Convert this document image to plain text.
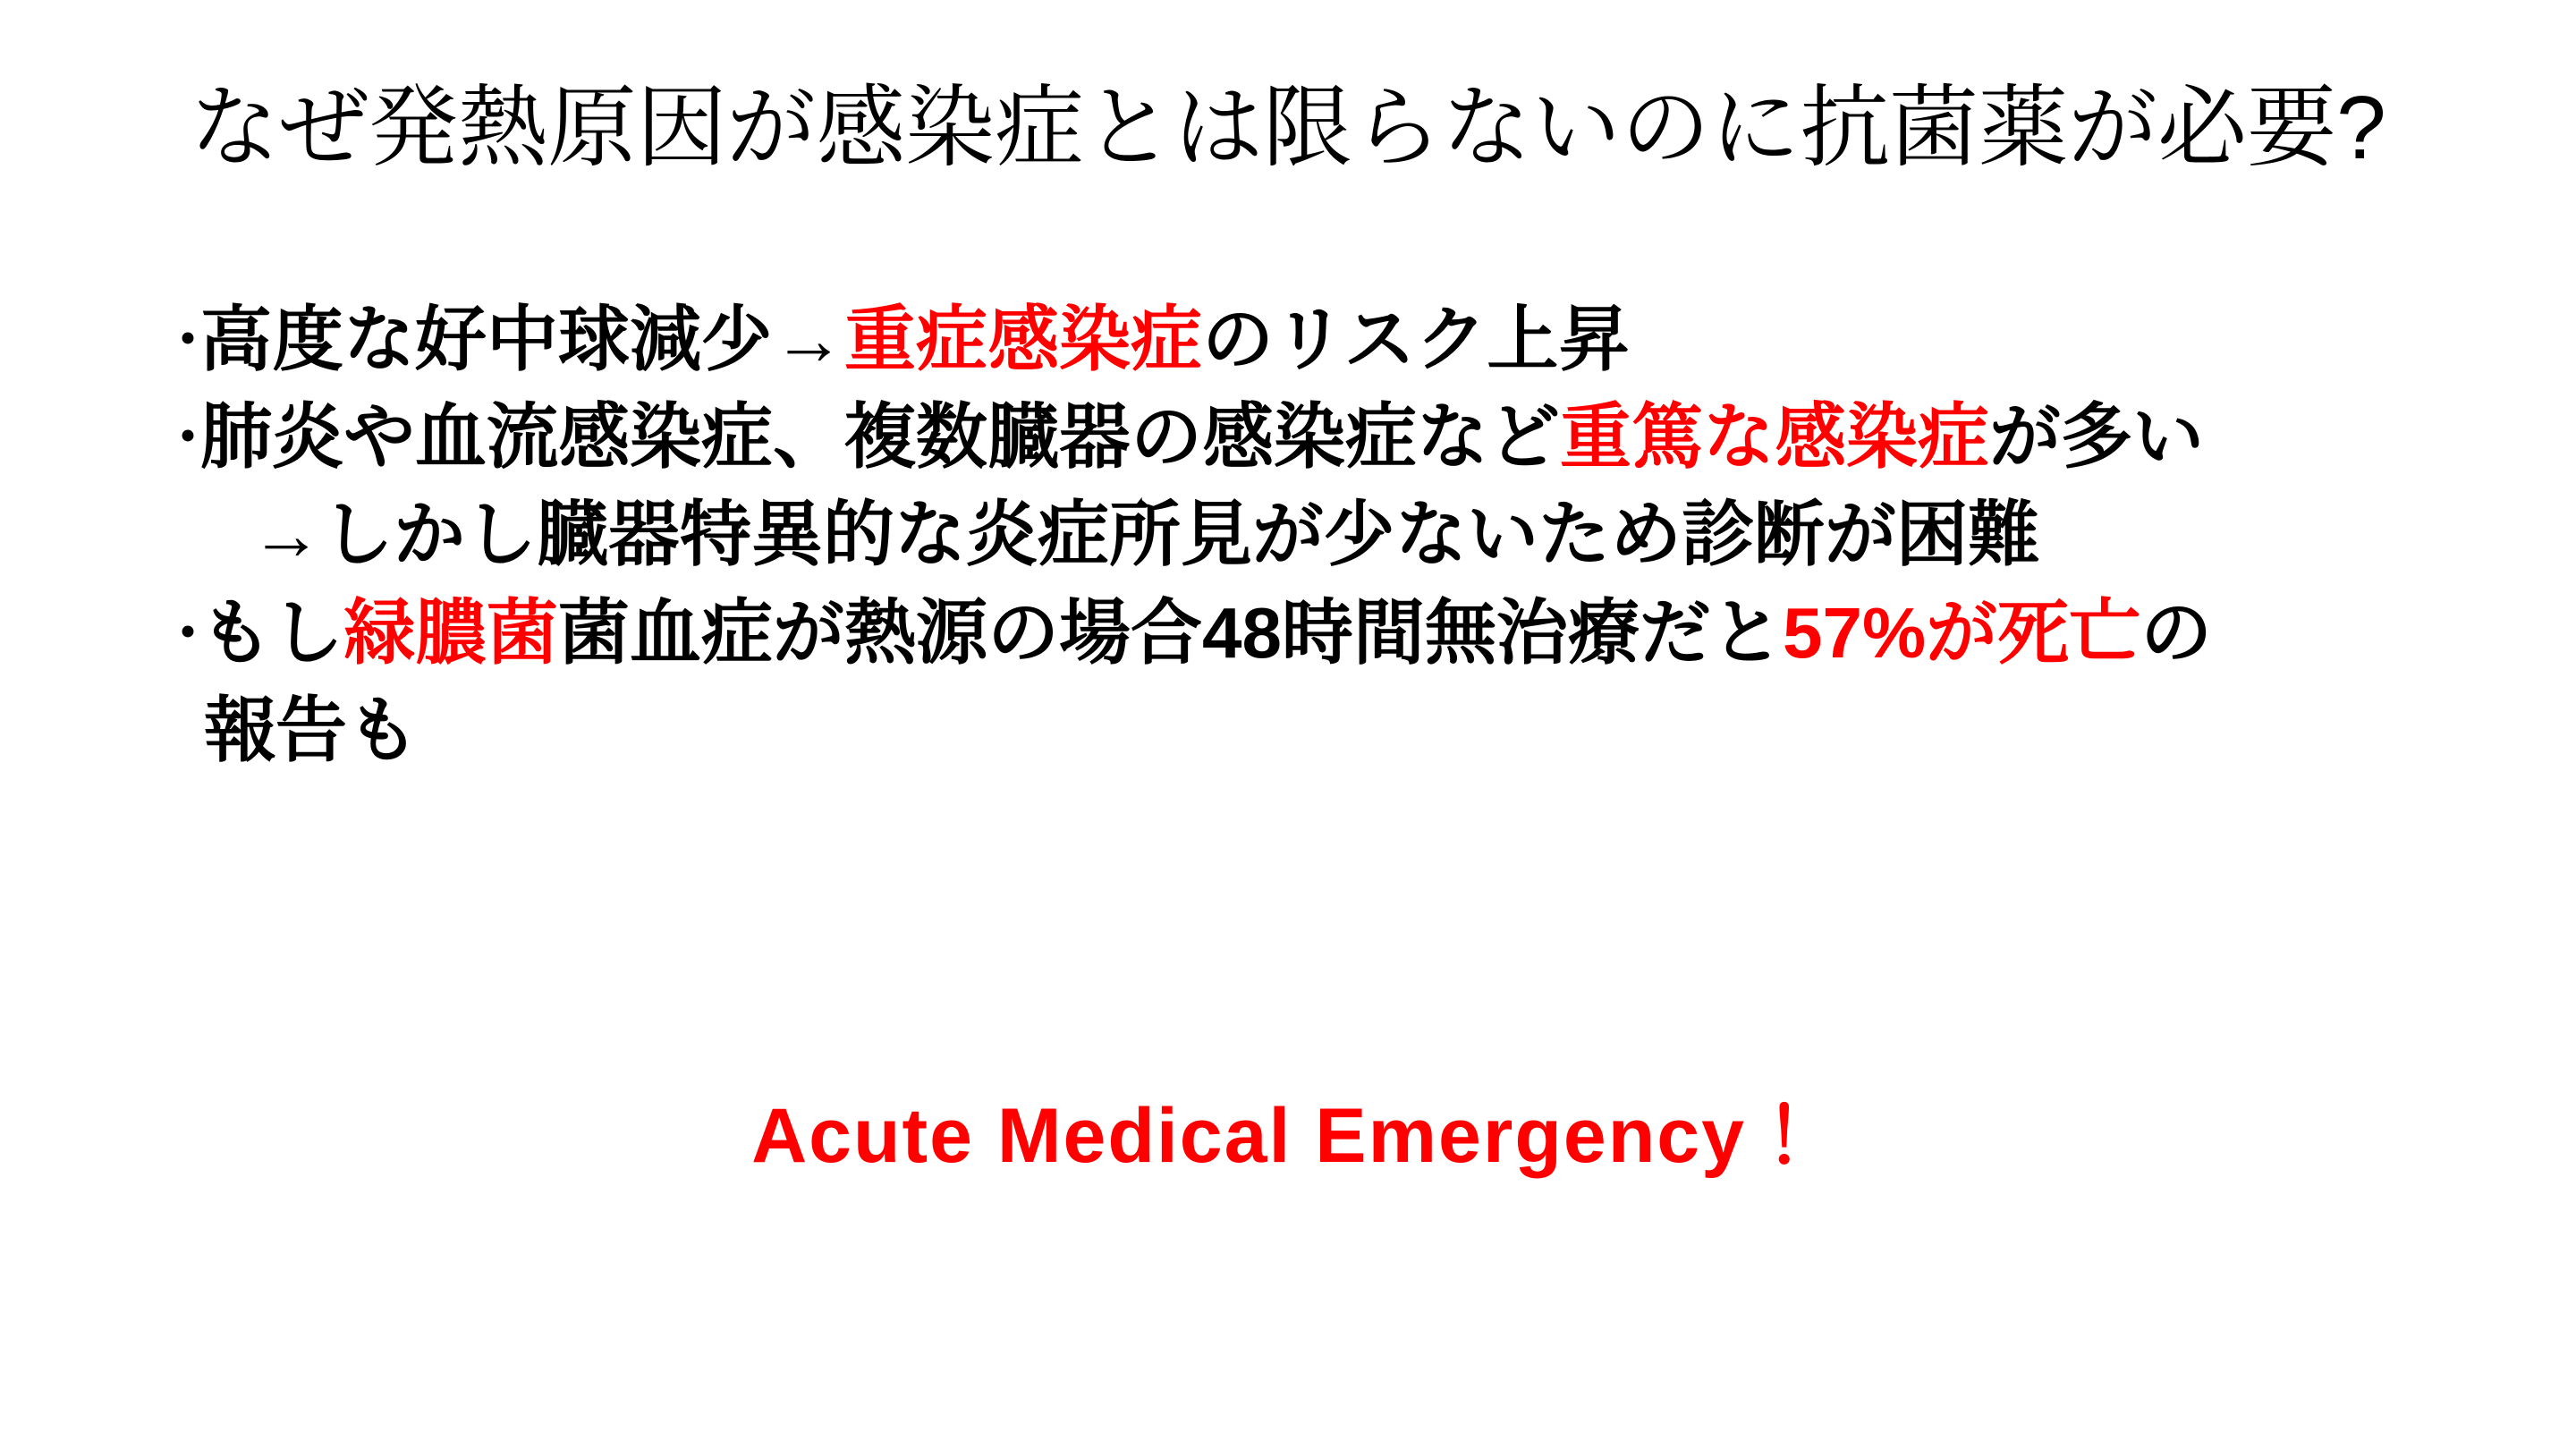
なぜ発熱原因が感染症とは限らないのに抗菌薬が必要?
・高度な好中球減少→重症感染症のリスク上昇
・肺炎や血流感染症、複数臓器の感染症など重篤な感染症が多い
→しかし臓器特異的な炎症所見が少ないため診断が困難
・もし緑膿菌菌血症が熱源の場合48時間無治療だと57%が死亡の
報告も
Acute Medical Emergency！
